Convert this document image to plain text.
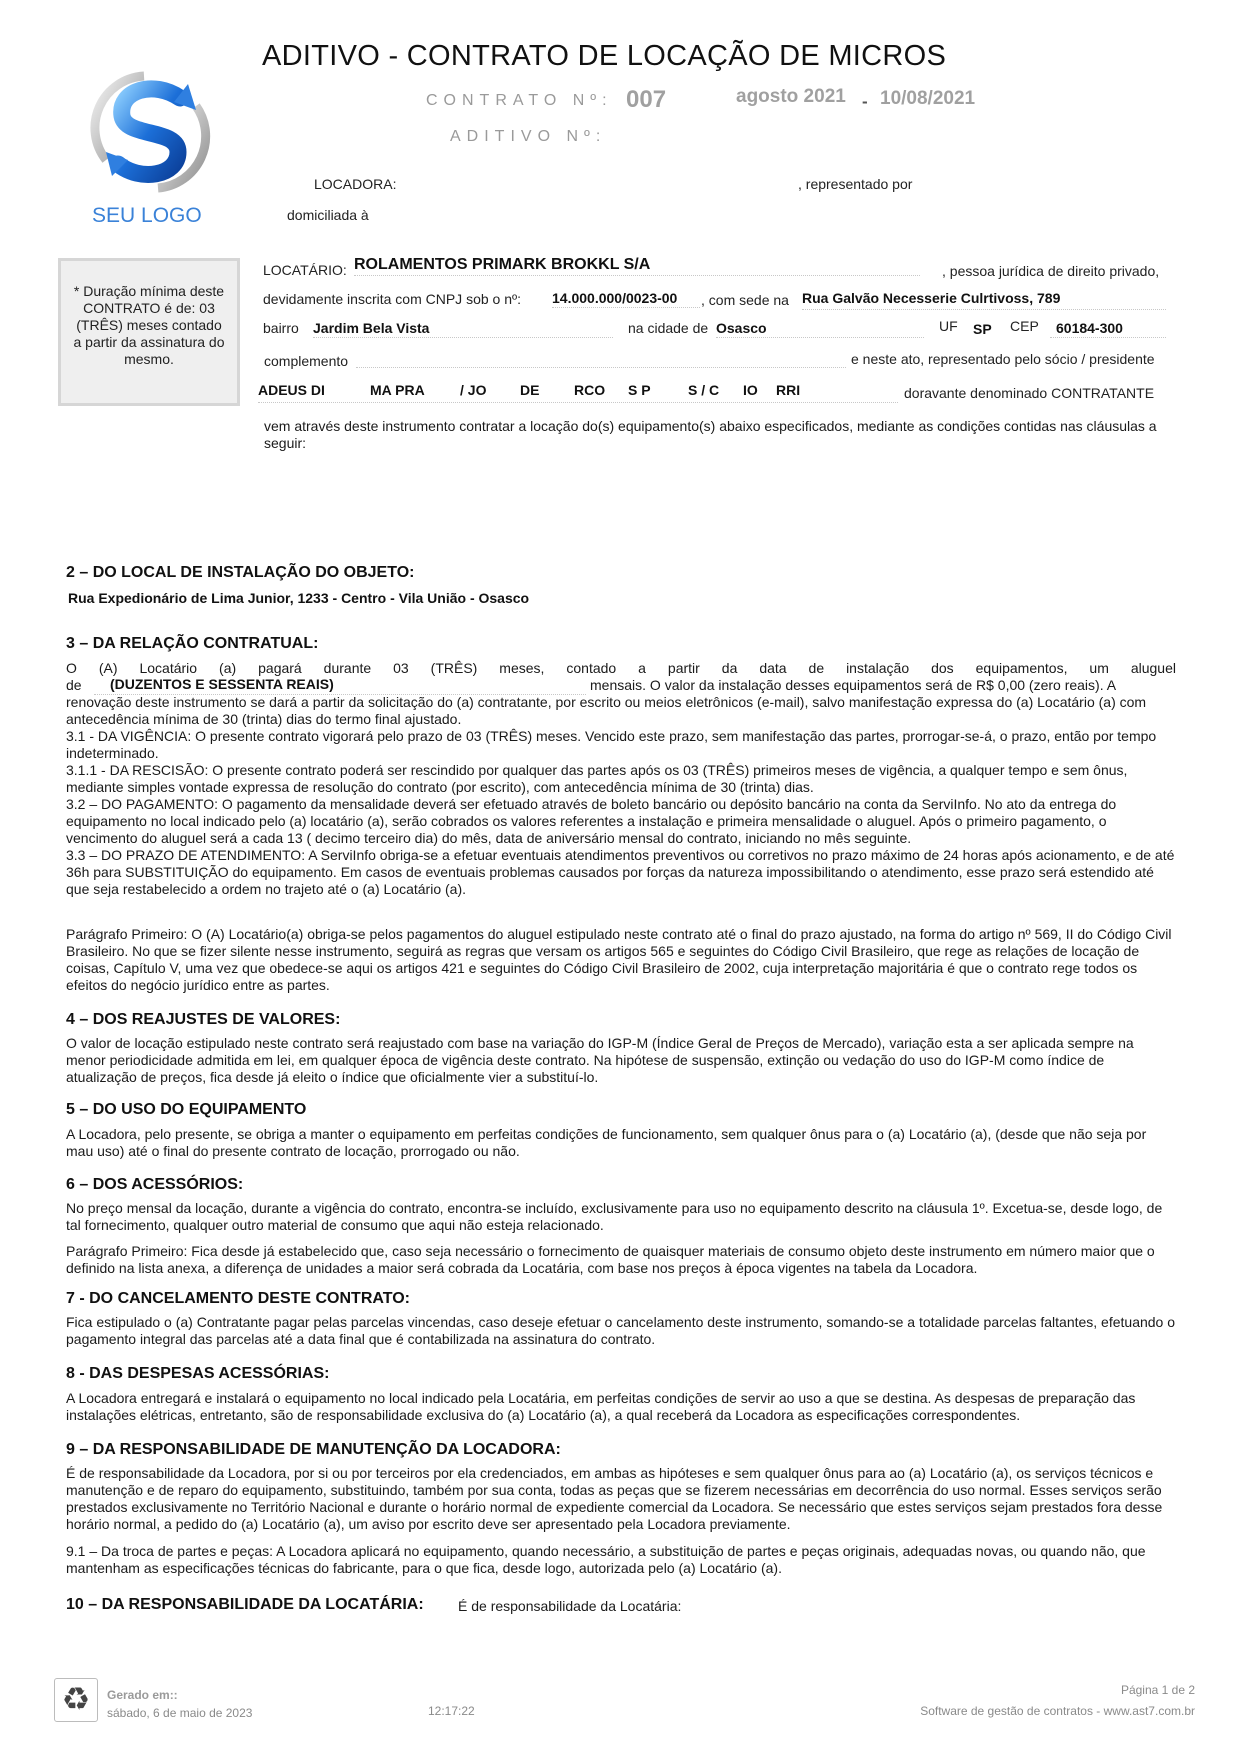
SEU LOGO
ADITIVO - CONTRATO DE LOCAÇÃO DE MICROS
CONTRATO Nº: 007	agosto 2021 - 10/08/2021
ADITIVO Nº:
LOCADORA:	, representado por
domiciliada à
* Duração mínima deste CONTRATO é de: 03 (TRÊS) meses contado a partir da assinatura do mesmo.
LOCATÁRIO: ROLAMENTOS PRIMARK BROKKL S/A	, pessoa jurídica de direito privado,
devidamente inscrita com CNPJ sob o nº: 14.000.000/0023-00 , com sede na Rua Galvão Necesserie Culrtivoss, 789
bairro Jardim Bela Vista	na cidade de Osasco	UF SP CEP 60184-300
complemento	e neste ato, representado pelo sócio / presidente
ADEUS DI	MA PRA	/ JO DE RCO S P	S / C IO RRI	doravante denominado CONTRATANTE
vem através deste instrumento contratar a locação do(s) equipamento(s) abaixo especificados, mediante as condições contidas nas cláusulas a seguir:
2 – DO LOCAL DE INSTALAÇÃO DO OBJETO:
Rua Expedionário de Lima Junior, 1233 - Centro - Vila União - Osasco
3 – DA RELAÇÃO CONTRATUAL:
O (A) Locatário (a) pagará durante 03 (TRÊS) meses, contado a partir da data de instalação dos equipamentos, um aluguel
de (DUZENTOS E SESSENTA REAIS)	mensais. O valor da instalação desses equipamentos será de R$ 0,00 (zero reais). A

renovação deste instrumento se dará a partir da solicitação do (a) contratante, por escrito ou meios eletrônicos (e-mail), salvo manifestação expressa do (a) Locatário (a) com antecedência mínima de 30 (trinta) dias do termo final ajustado.

3.1 - DA VIGÊNCIA: O presente contrato vigorará pelo prazo de 03 (TRÊS) meses. Vencido este prazo, sem manifestação das partes, prorrogar-se-á, o prazo, então por tempo indeterminado.

3.1.1 - DA RESCISÃO: O presente contrato poderá ser rescindido por qualquer das partes após os 03 (TRÊS) primeiros meses de vigência, a qualquer tempo e sem ônus, mediante simples vontade expressa de resolução do contrato (por escrito), com antecedência mínima de 30 (trinta) dias.

3.2 – DO PAGAMENTO: O pagamento da mensalidade deverá ser efetuado através de boleto bancário ou depósito bancário na conta da ServiInfo. No ato da entrega do equipamento no local indicado pelo (a) locatário (a), serão cobrados os valores referentes a instalação e primeira mensalidade o aluguel. Após o primeiro pagamento, o vencimento do aluguel será a cada 13 ( decimo terceiro dia) do mês, data de aniversário mensal do contrato, iniciando no mês seguinte.

3.3 – DO PRAZO DE ATENDIMENTO: A ServiInfo obriga-se a efetuar eventuais atendimentos preventivos ou corretivos no prazo máximo de 24 horas após acionamento, e de até 36h para SUBSTITUIÇÃO do equipamento. Em casos de eventuais problemas causados por forças da natureza impossibilitando o atendimento, esse prazo será estendido até que seja restabelecido a ordem no trajeto até o (a) Locatário (a).

Parágrafo Primeiro: O (A) Locatário(a) obriga-se pelos pagamentos do aluguel estipulado neste contrato até o final do prazo ajustado, na forma do artigo nº 569, II do Código Civil Brasileiro. No que se fizer silente nesse instrumento, seguirá as regras que versam os artigos 565 e seguintes do Código Civil Brasileiro, que rege as relações de locação de coisas, Capítulo V, uma vez que obedece-se aqui os artigos 421 e seguintes do Código Civil Brasileiro de 2002, cuja interpretação majoritária é que o contrato rege todos os efeitos do negócio jurídico entre as partes.
4 – DOS REAJUSTES DE VALORES:
O valor de locação estipulado neste contrato será reajustado com base na variação do IGP-M (Índice Geral de Preços de Mercado), variação esta a ser aplicada sempre na menor periodicidade admitida em lei, em qualquer época de vigência deste contrato. Na hipótese de suspensão, extinção ou vedação do uso do IGP-M como índice de atualização de preços, fica desde já eleito o índice que oficialmente vier a substituí-lo.
5 – DO USO DO EQUIPAMENTO
A Locadora, pelo presente, se obriga a manter o equipamento em perfeitas condições de funcionamento, sem qualquer ônus para o (a) Locatário (a), (desde que não seja por mau uso) até o final do presente contrato de locação, prorrogado ou não.
6 – DOS ACESSÓRIOS:
No preço mensal da locação, durante a vigência do contrato, encontra-se incluído, exclusivamente para uso no equipamento descrito na cláusula 1º. Excetua-se, desde logo, de tal fornecimento, qualquer outro material de consumo que aqui não esteja relacionado.
Parágrafo Primeiro: Fica desde já estabelecido que, caso seja necessário o fornecimento de quaisquer materiais de consumo objeto deste instrumento em número maior que o definido na lista anexa, a diferença de unidades a maior será cobrada da Locatária, com base nos preços à época vigentes na tabela da Locadora.
7 - DO CANCELAMENTO DESTE CONTRATO:
Fica estipulado o (a) Contratante pagar pelas parcelas vincendas, caso deseje efetuar o cancelamento deste instrumento, somando-se a totalidade parcelas faltantes, efetuando o pagamento integral das parcelas até a data final que é contabilizada na assinatura do contrato.
8 - DAS DESPESAS ACESSÓRIAS:
A Locadora entregará e instalará o equipamento no local indicado pela Locatária, em perfeitas condições de servir ao uso a que se destina. As despesas de preparação das instalações elétricas, entretanto, são de responsabilidade exclusiva do (a) Locatário (a), a qual receberá da Locadora as especificações correspondentes.
9 – DA RESPONSABILIDADE DE MANUTENÇÃO DA LOCADORA:
É de responsabilidade da Locadora, por si ou por terceiros por ela credenciados, em ambas as hipóteses e sem qualquer ônus para ao (a) Locatário (a), os serviços técnicos e manutenção e de reparo do equipamento, substituindo, também por sua conta, todas as peças que se fizerem necessárias em decorrência do uso normal. Esses serviços serão prestados exclusivamente no Território Nacional e durante o horário normal de expediente comercial da Locadora. Se necessário que estes serviços sejam prestados fora desse horário normal, a pedido do (a) Locatário (a), um aviso por escrito deve ser apresentado pela Locadora previamente.
9.1 – Da troca de partes e peças: A Locadora aplicará no equipamento, quando necessário, a substituição de partes e peças originais, adequadas novas, ou quando não, que mantenham as especificações técnicas do fabricante, para o que fica, desde logo, autorizada pelo (a) Locatário (a).
10 – DA RESPONSABILIDADE DA LOCATÁRIA: É de responsabilidade da Locatária:
♻	Gerado em::
sábado, 6 de maio de 2023	12:17:22
Página 1 de 2
Software de gestão de contratos - www.ast7.com.br
